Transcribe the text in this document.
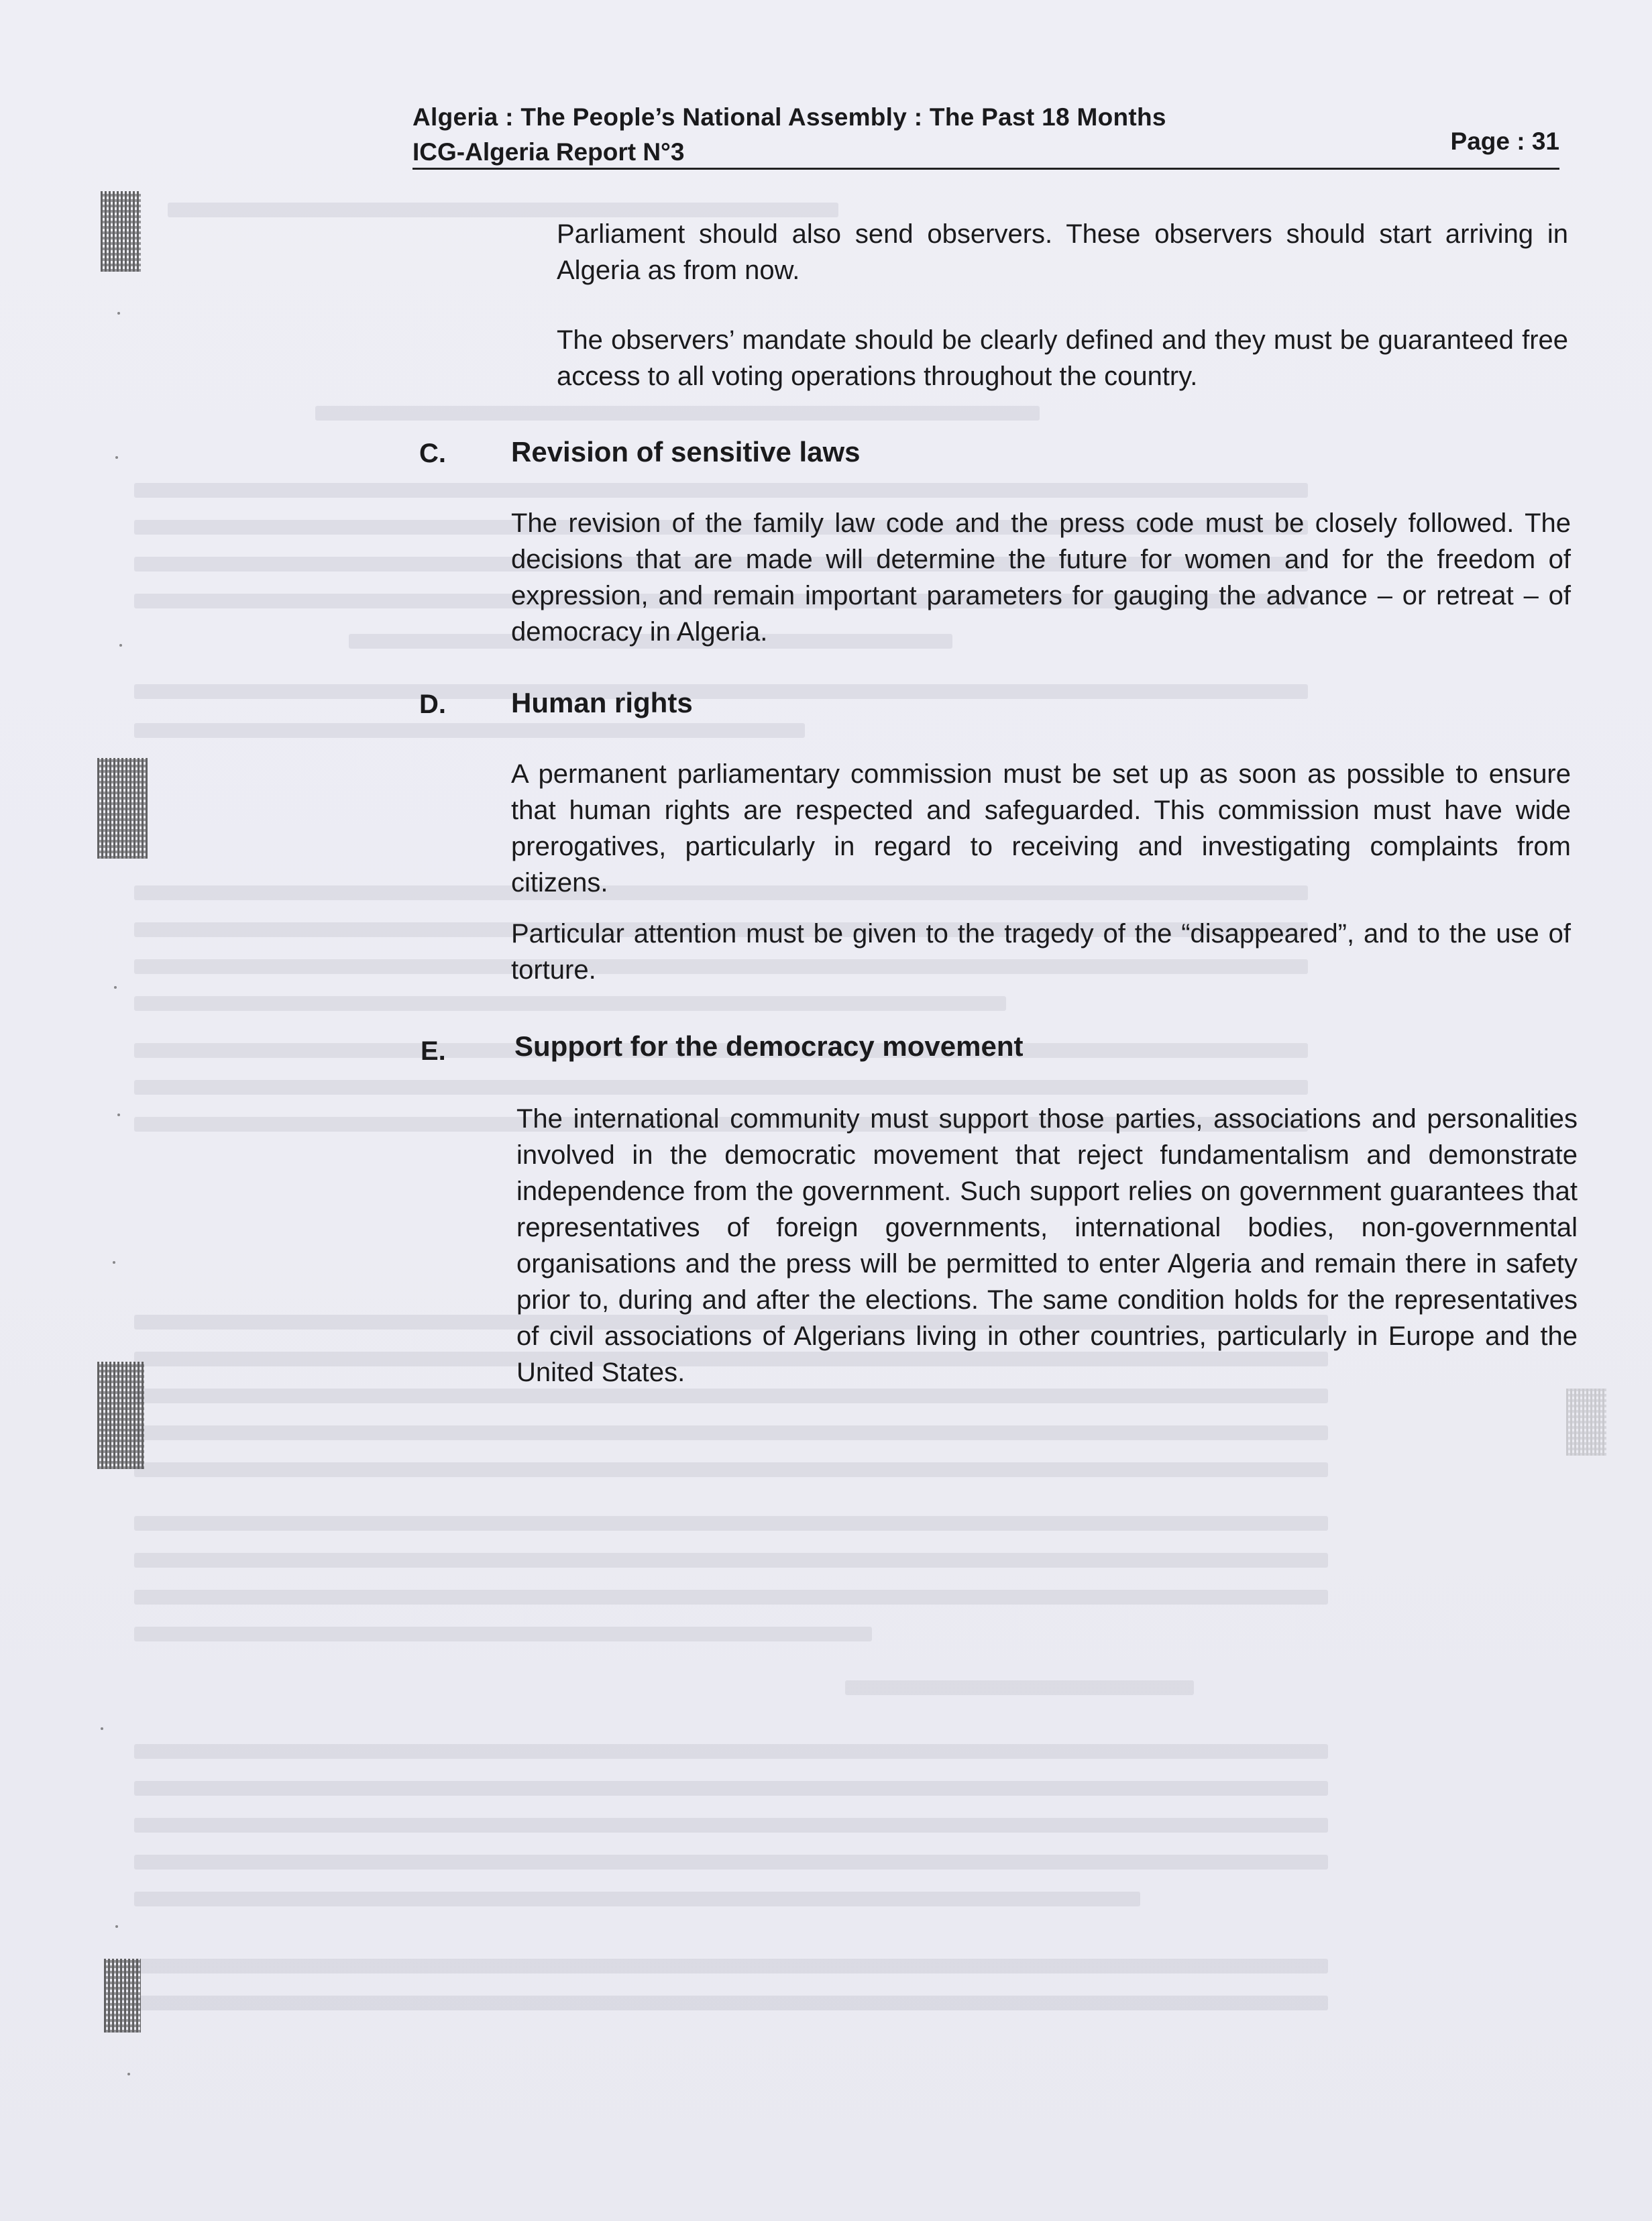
Algeria : The People’s National Assembly : The Past 18 Months
ICG-Algeria Report N°3	Page : 31

Parliament should also send observers. These observers should start arriving in Algeria as from now.

The observers’ mandate should be clearly defined and they must be guaranteed free access to all voting operations throughout the country.

C. Revision of sensitive laws

The revision of the family law code and the press code must be closely followed. The decisions that are made will determine the future for women and for the freedom of expression, and remain important parameters for gauging the advance – or retreat – of democracy in Algeria.

D. Human rights

A permanent parliamentary commission must be set up as soon as possible to ensure that human rights are respected and safeguarded. This commission must have wide prerogatives, particularly in regard to receiving and investigating complaints from citizens.

Particular attention must be given to the tragedy of the “disappeared”, and to the use of torture.

E. Support for the democracy movement

The international community must support those parties, associations and personalities involved in the democratic movement that reject fundamentalism and demonstrate independence from the government. Such support relies on government guarantees that representatives of foreign governments, international bodies, non-governmental organisations and the press will be permitted to enter Algeria and remain there in safety prior to, during and after the elections. The same condition holds for the representatives of civil associations of Algerians living in other countries, particularly in Europe and the United States.
